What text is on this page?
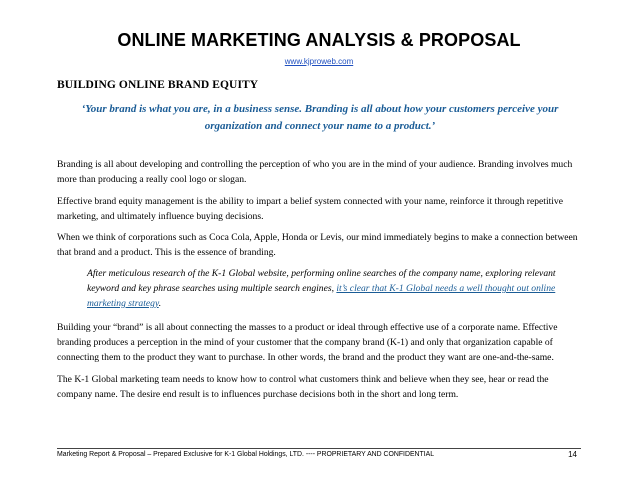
ONLINE MARKETING ANALYSIS & PROPOSAL
www.kjproweb.com
BUILDING ONLINE BRAND EQUITY
‘Your brand is what you are, in a business sense. Branding is all about how your customers perceive your organization and connect your name to a product.’
Branding is all about developing and controlling the perception of who you are in the mind of your audience. Branding involves much more than producing a really cool logo or slogan.
Effective brand equity management is the ability to impart a belief system connected with your name, reinforce it through repetitive marketing, and ultimately influence buying decisions.
When we think of corporations such as Coca Cola, Apple, Honda or Levis, our mind immediately begins to make a connection between that brand and a product. This is the essence of branding.
After meticulous research of the K-1 Global website, performing online searches of the company name, exploring relevant keyword and key phrase searches using multiple search engines, it’s clear that K-1 Global needs a well thought out online marketing strategy.
Building your “brand” is all about connecting the masses to a product or ideal through effective use of a corporate name. Effective branding produces a perception in the mind of your customer that the company brand (K-1) and only that organization capable of connecting them to the product they want to purchase. In other words, the brand and the product they want are one-and-the-same.
The K-1 Global marketing team needs to know how to control what customers think and believe when they see, hear or read the company name. The desire end result is to influences purchase decisions both in the short and long term.
Marketing Report & Proposal – Prepared Exclusive for K-1 Global Holdings, LTD. ---- PROPRIETARY AND CONFIDENTIAL	14
